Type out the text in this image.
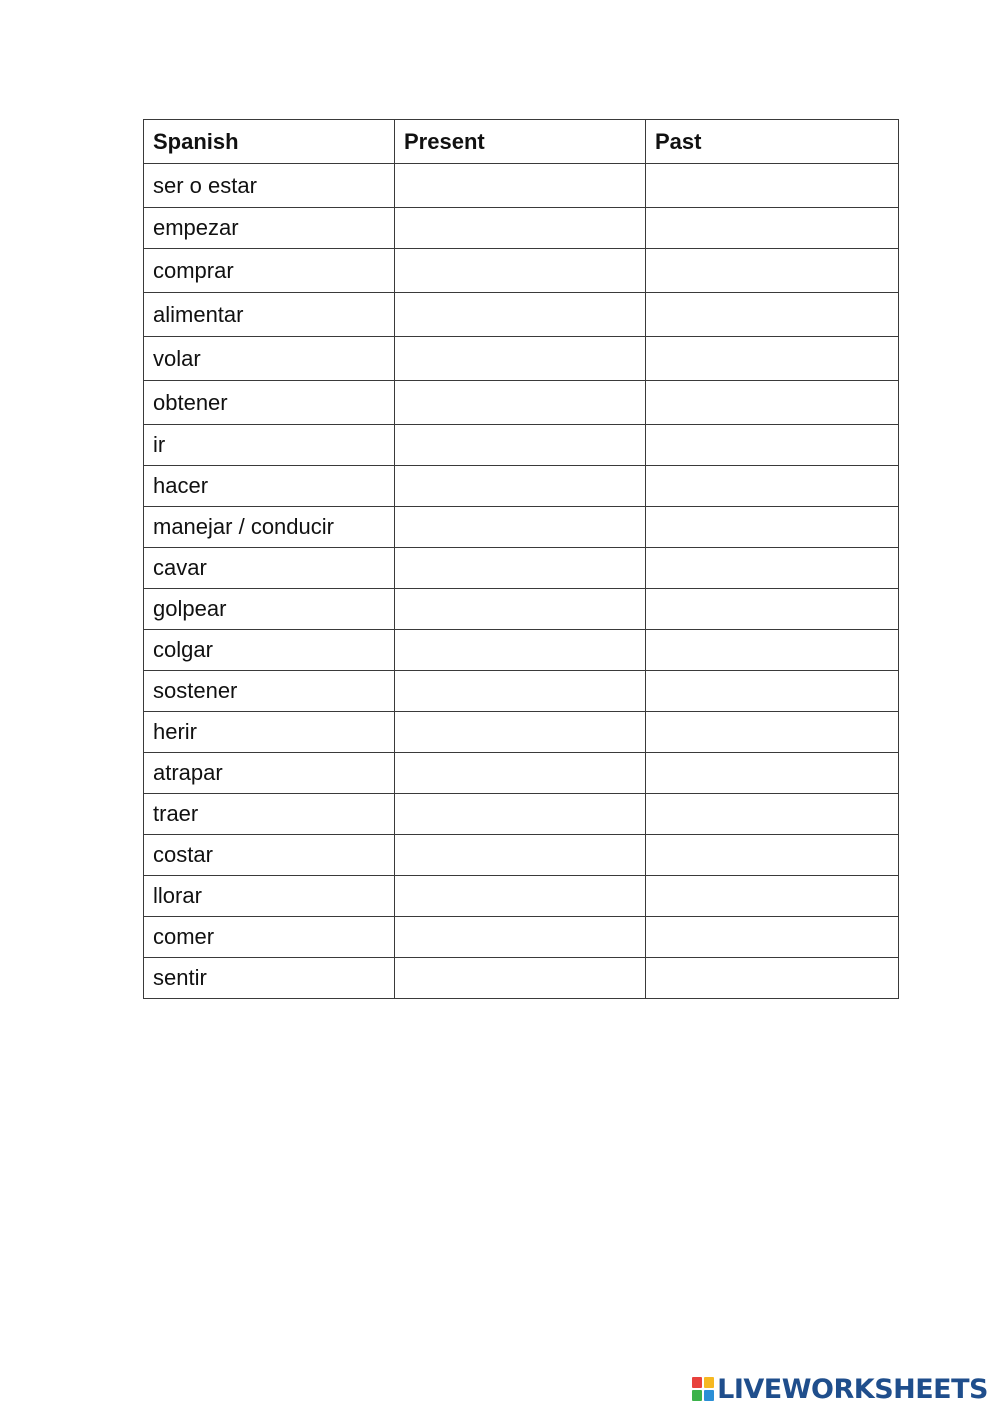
Spanish	Present	Past
ser o estar		
empezar		
comprar		
alimentar		
volar		
obtener		
ir		
hacer		
manejar / conducir		
cavar		
golpear		
colgar		
sostener		
herir		
atrapar		
traer		
costar		
llorar		
comer		
sentir		
LIVEWORKSHEETS
